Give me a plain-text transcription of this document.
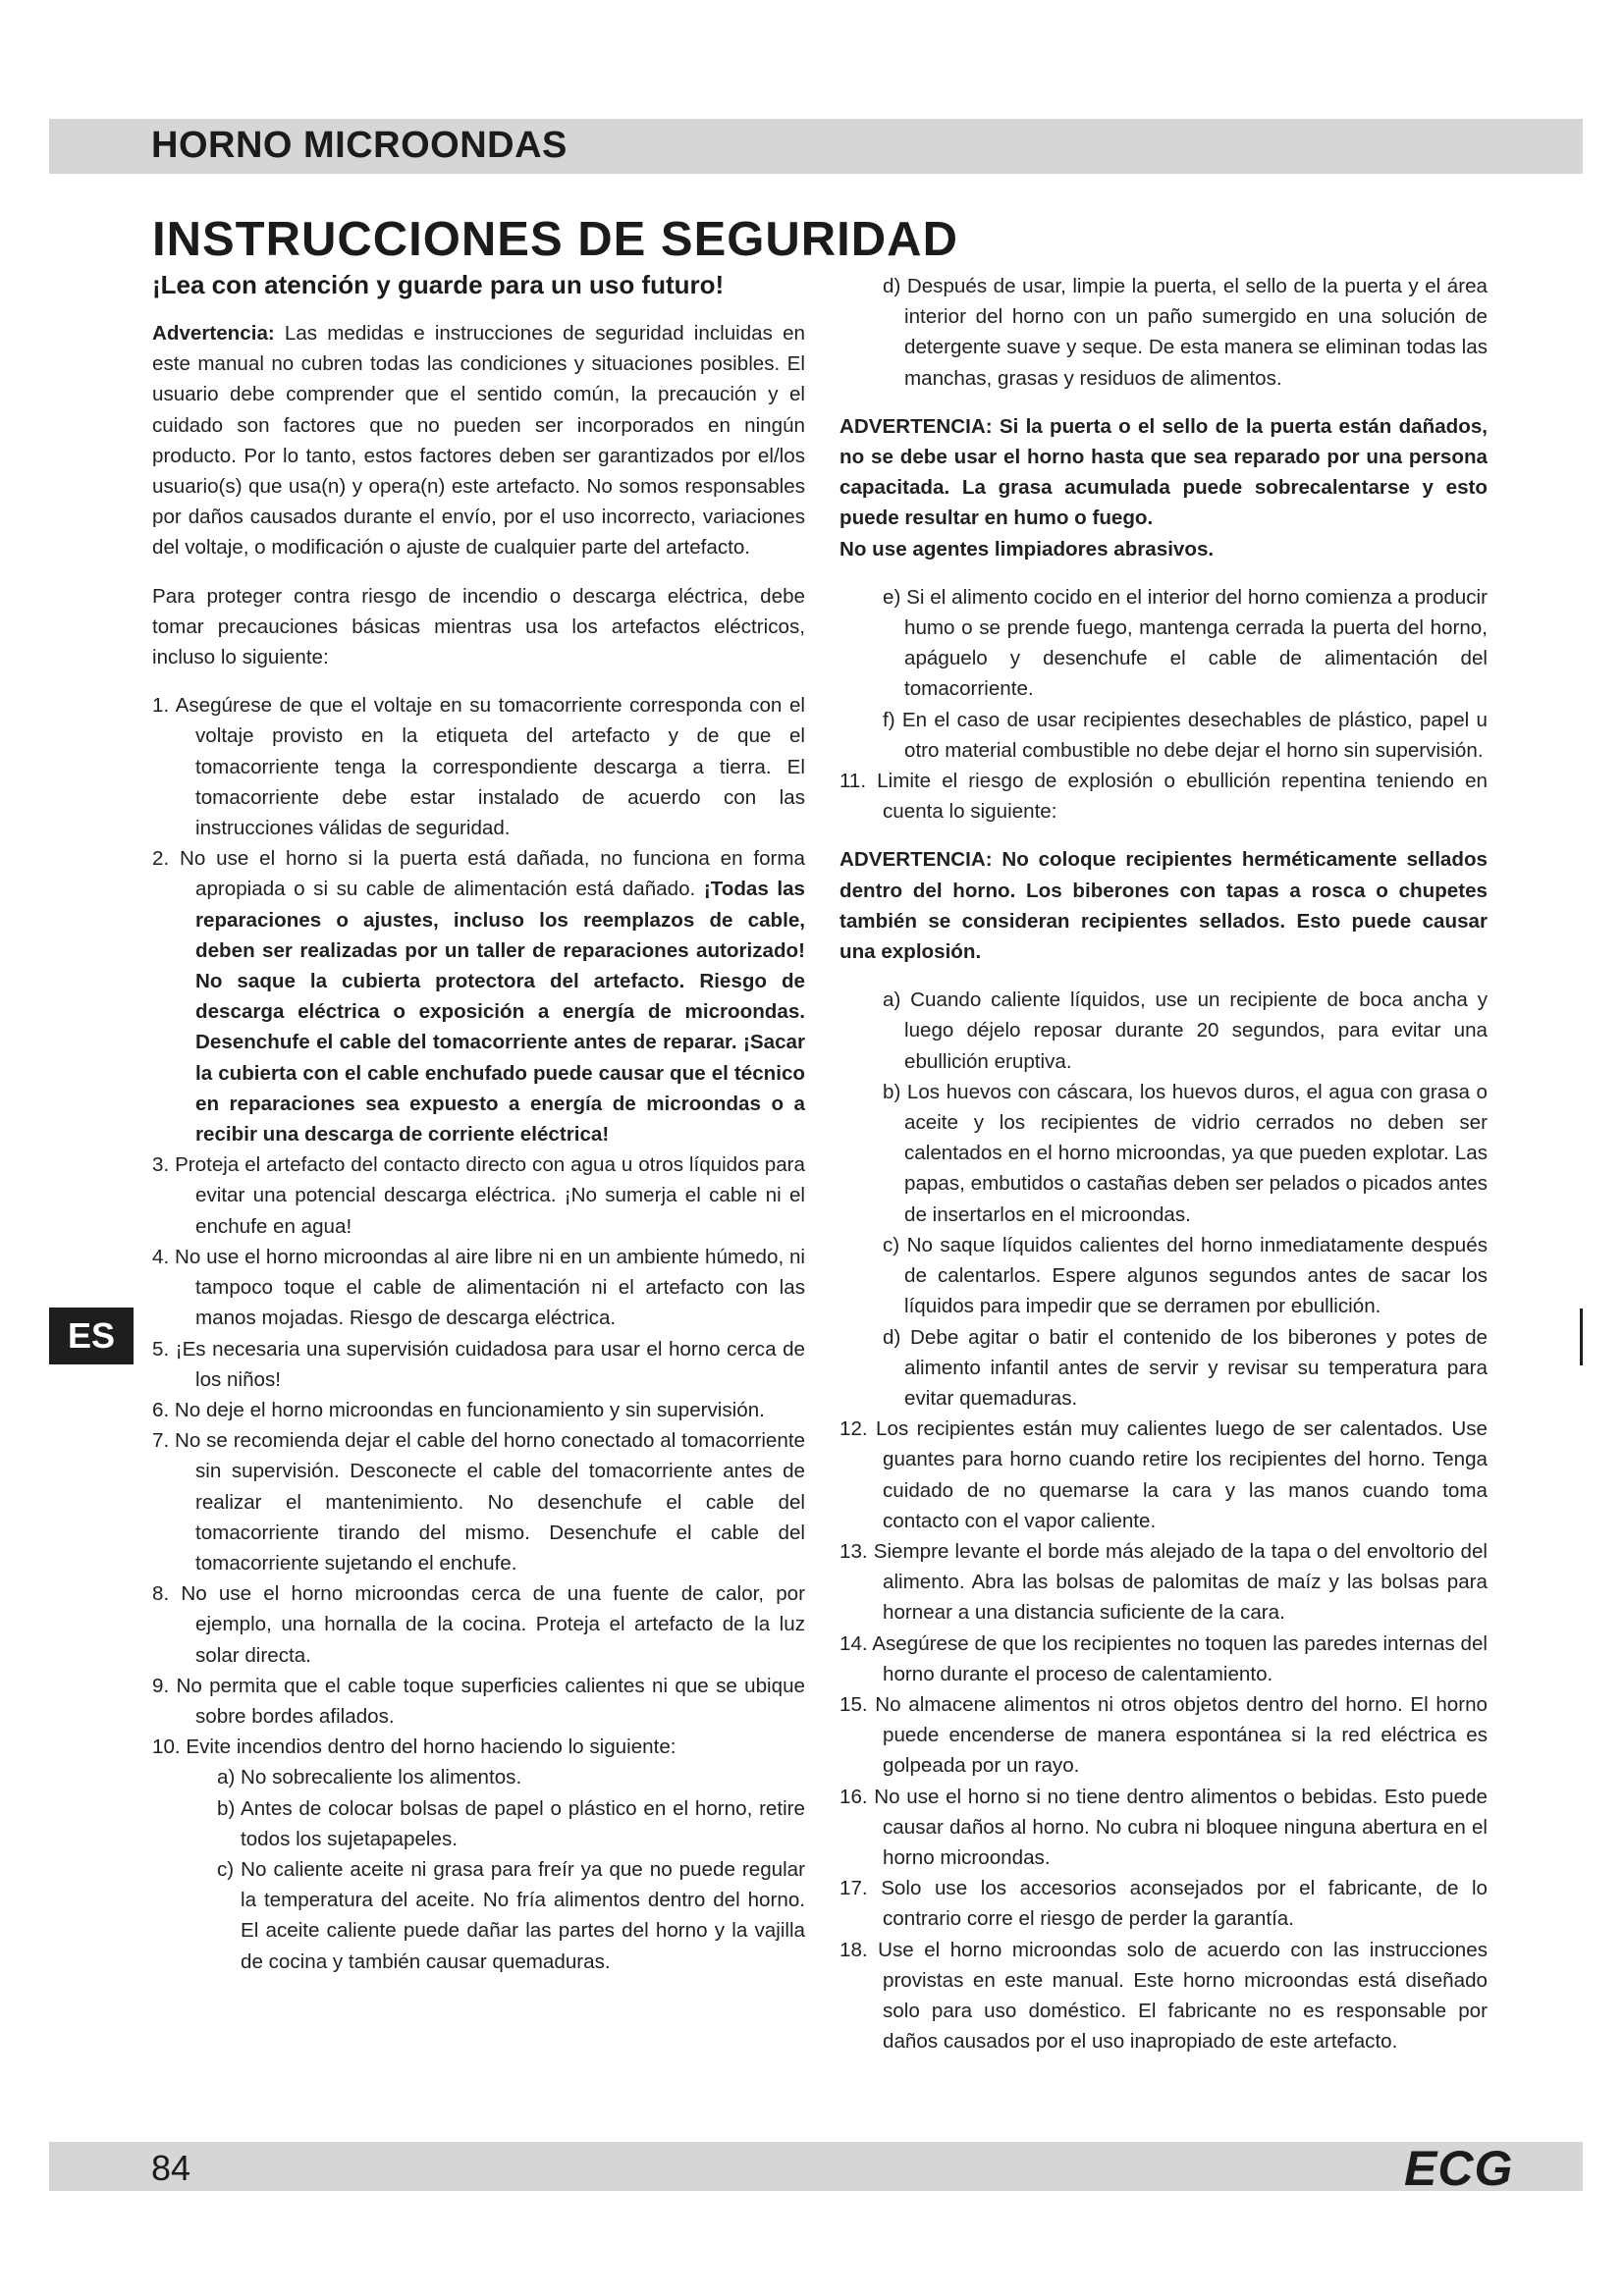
HORNO MICROONDAS
INSTRUCCIONES DE SEGURIDAD
¡Lea con atención y guarde para un uso futuro!

Advertencia: Las medidas e instrucciones de seguridad incluidas en este manual no cubren todas las condiciones y situaciones posibles. El usuario debe comprender que el sentido común, la precaución y el cuidado son factores que no pueden ser incorporados en ningún producto. Por lo tanto, estos factores deben ser garantizados por el/los usuario(s) que usa(n) y opera(n) este artefacto. No somos responsables por daños causados durante el envío, por el uso incorrecto, variaciones del voltaje, o modificación o ajuste de cualquier parte del artefacto.

Para proteger contra riesgo de incendio o descarga eléctrica, debe tomar precauciones básicas mientras usa los artefactos eléctricos, incluso lo siguiente:

1. Asegúrese de que el voltaje en su tomacorriente corresponda con el voltaje provisto en la etiqueta del artefacto y de que el tomacorriente tenga la correspondiente descarga a tierra. El tomacorriente debe estar instalado de acuerdo con las instrucciones válidas de seguridad.

2. No use el horno si la puerta está dañada, no funciona en forma apropiada o si su cable de alimentación está dañado. ¡Todas las reparaciones o ajustes, incluso los reemplazos de cable, deben ser realizadas por un taller de reparaciones autorizado! No saque la cubierta protectora del artefacto. Riesgo de descarga eléctrica o exposición a energía de microondas. Desenchufe el cable del tomacorriente antes de reparar. ¡Sacar la cubierta con el cable enchufado puede causar que el técnico en reparaciones sea expuesto a energía de microondas o a recibir una descarga de corriente eléctrica!

3. Proteja el artefacto del contacto directo con agua u otros líquidos para evitar una potencial descarga eléctrica. ¡No sumerja el cable ni el enchufe en agua!

4. No use el horno microondas al aire libre ni en un ambiente húmedo, ni tampoco toque el cable de alimentación ni el artefacto con las manos mojadas. Riesgo de descarga eléctrica.

5. ¡Es necesaria una supervisión cuidadosa para usar el horno cerca de los niños!

6. No deje el horno microondas en funcionamiento y sin supervisión.

7. No se recomienda dejar el cable del horno conectado al tomacorriente sin supervisión. Desconecte el cable del tomacorriente antes de realizar el mantenimiento. No desenchufe el cable del tomacorriente tirando del mismo. Desenchufe el cable del tomacorriente sujetando el enchufe.

8. No use el horno microondas cerca de una fuente de calor, por ejemplo, una hornalla de la cocina. Proteja el artefacto de la luz solar directa.

9. No permita que el cable toque superficies calientes ni que se ubique sobre bordes afilados.

10. Evite incendios dentro del horno haciendo lo siguiente:

a) No sobrecaliente los alimentos.

b) Antes de colocar bolsas de papel o plástico en el horno, retire todos los sujetapapeles.

c) No caliente aceite ni grasa para freír ya que no puede regular la temperatura del aceite. No fría alimentos dentro del horno. El aceite caliente puede dañar las partes del horno y la vajilla de cocina y también causar quemaduras.

d) Después de usar, limpie la puerta, el sello de la puerta y el área interior del horno con un paño sumergido en una solución de detergente suave y seque. De esta manera se eliminan todas las manchas, grasas y residuos de alimentos.

ADVERTENCIA: Si la puerta o el sello de la puerta están dañados, no se debe usar el horno hasta que sea reparado por una persona capacitada. La grasa acumulada puede sobrecalentarse y esto puede resultar en humo o fuego.

No use agentes limpiadores abrasivos.

e) Si el alimento cocido en el interior del horno comienza a producir humo o se prende fuego, mantenga cerrada la puerta del horno, apáguelo y desenchufe el cable de alimentación del tomacorriente.

f) En el caso de usar recipientes desechables de plástico, papel u otro material combustible no debe dejar el horno sin supervisión.

11. Limite el riesgo de explosión o ebullición repentina teniendo en cuenta lo siguiente:

ADVERTENCIA: No coloque recipientes herméticamente sellados dentro del horno. Los biberones con tapas a rosca o chupetes también se consideran recipientes sellados. Esto puede causar una explosión.

a) Cuando caliente líquidos, use un recipiente de boca ancha y luego déjelo reposar durante 20 segundos, para evitar una ebullición eruptiva.

b) Los huevos con cáscara, los huevos duros, el agua con grasa o aceite y los recipientes de vidrio cerrados no deben ser calentados en el horno microondas, ya que pueden explotar. Las papas, embutidos o castañas deben ser pelados o picados antes de insertarlos en el microondas.

c) No saque líquidos calientes del horno inmediatamente después de calentarlos. Espere algunos segundos antes de sacar los líquidos para impedir que se derramen por ebullición.

d) Debe agitar o batir el contenido de los biberones y potes de alimento infantil antes de servir y revisar su temperatura para evitar quemaduras.

12. Los recipientes están muy calientes luego de ser calentados. Use guantes para horno cuando retire los recipientes del horno. Tenga cuidado de no quemarse la cara y las manos cuando toma contacto con el vapor caliente.

13. Siempre levante el borde más alejado de la tapa o del envoltorio del alimento. Abra las bolsas de palomitas de maíz y las bolsas para hornear a una distancia suficiente de la cara.

14. Asegúrese de que los recipientes no toquen las paredes internas del horno durante el proceso de calentamiento.

15. No almacene alimentos ni otros objetos dentro del horno. El horno puede encenderse de manera espontánea si la red eléctrica es golpeada por un rayo.

16. No use el horno si no tiene dentro alimentos o bebidas. Esto puede causar daños al horno. No cubra ni bloquee ninguna abertura en el horno microondas.

17. Solo use los accesorios aconsejados por el fabricante, de lo contrario corre el riesgo de perder la garantía.

18. Use el horno microondas solo de acuerdo con las instrucciones provistas en este manual. Este horno microondas está diseñado solo para uso doméstico. El fabricante no es responsable por daños causados por el uso inapropiado de este artefacto.

ES
84	ECG
